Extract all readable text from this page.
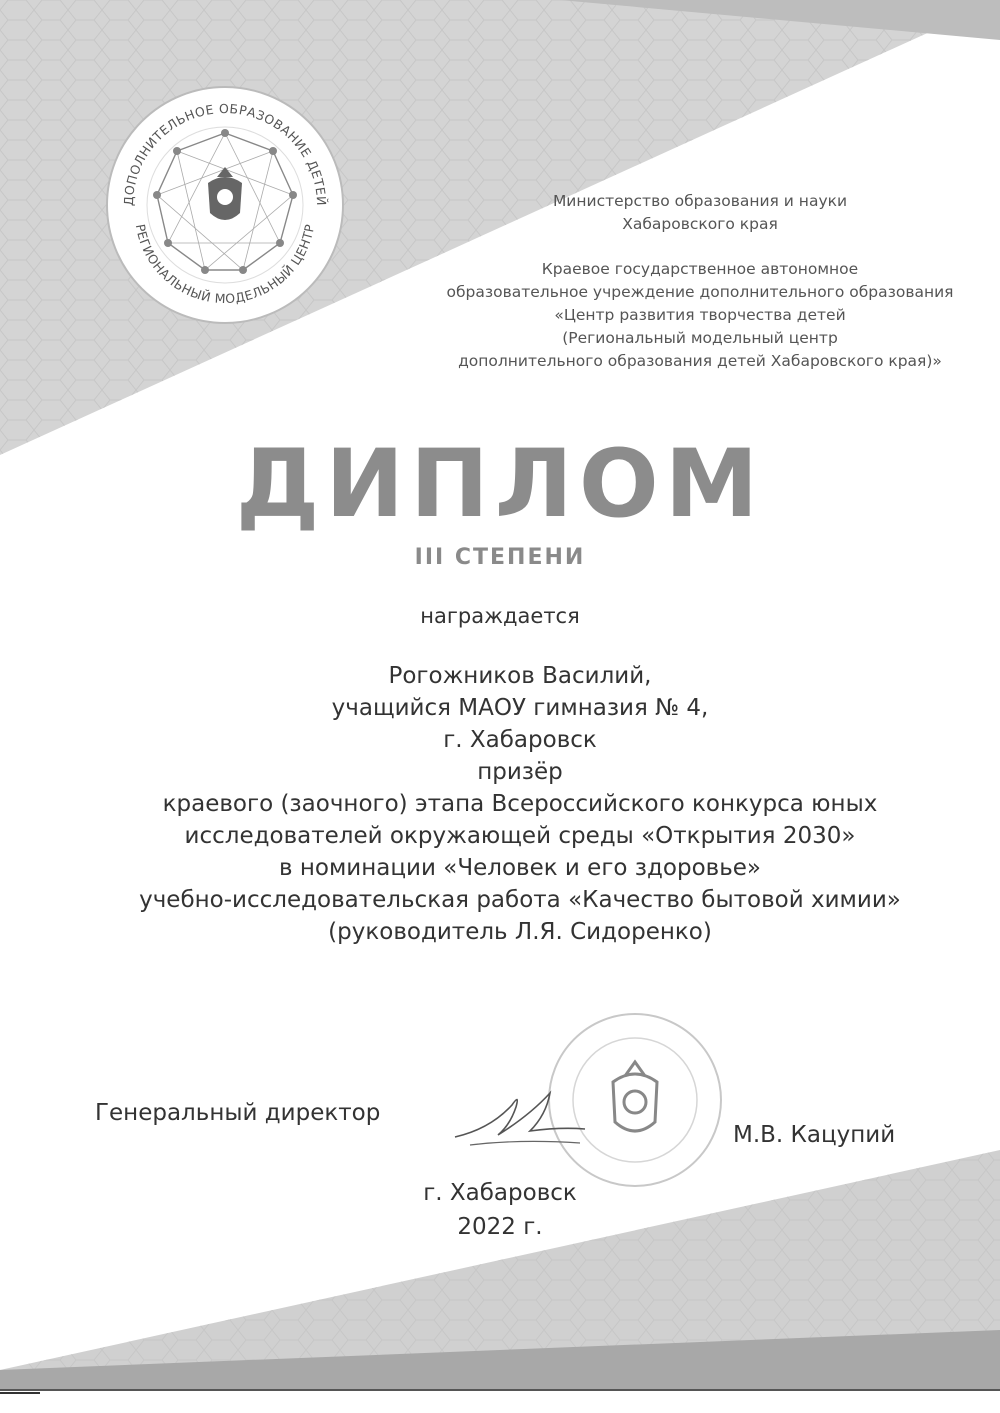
ДОПОЛНИТЕЛЬНОЕ ОБРАЗОВАНИЕ ДЕТЕЙ
РЕГИОНАЛЬНЫЙ МОДЕЛЬНЫЙ ЦЕНТР
Министерство образования и науки
Хабаровского края
Краевое государственное автономное
образовательное учреждение дополнительного образования
«Центр развития творчества детей
(Региональный модельный центр
дополнительного образования детей Хабаровского края)»
ДИПЛОМ
III СТЕПЕНИ
награждается
Рогожников Василий,
учащийся МАОУ гимназия № 4,
г. Хабаровск
призёр
краевого (заочного) этапа Всероссийского конкурса юных
исследователей окружающей среды «Открытия 2030»
в номинации «Человек и его здоровье»
учебно-исследовательская работа «Качество бытовой химии»
(руководитель Л.Я. Сидоренко)
Генеральный директор
М.В. Кацупий
г. Хабаровск
2022 г.
